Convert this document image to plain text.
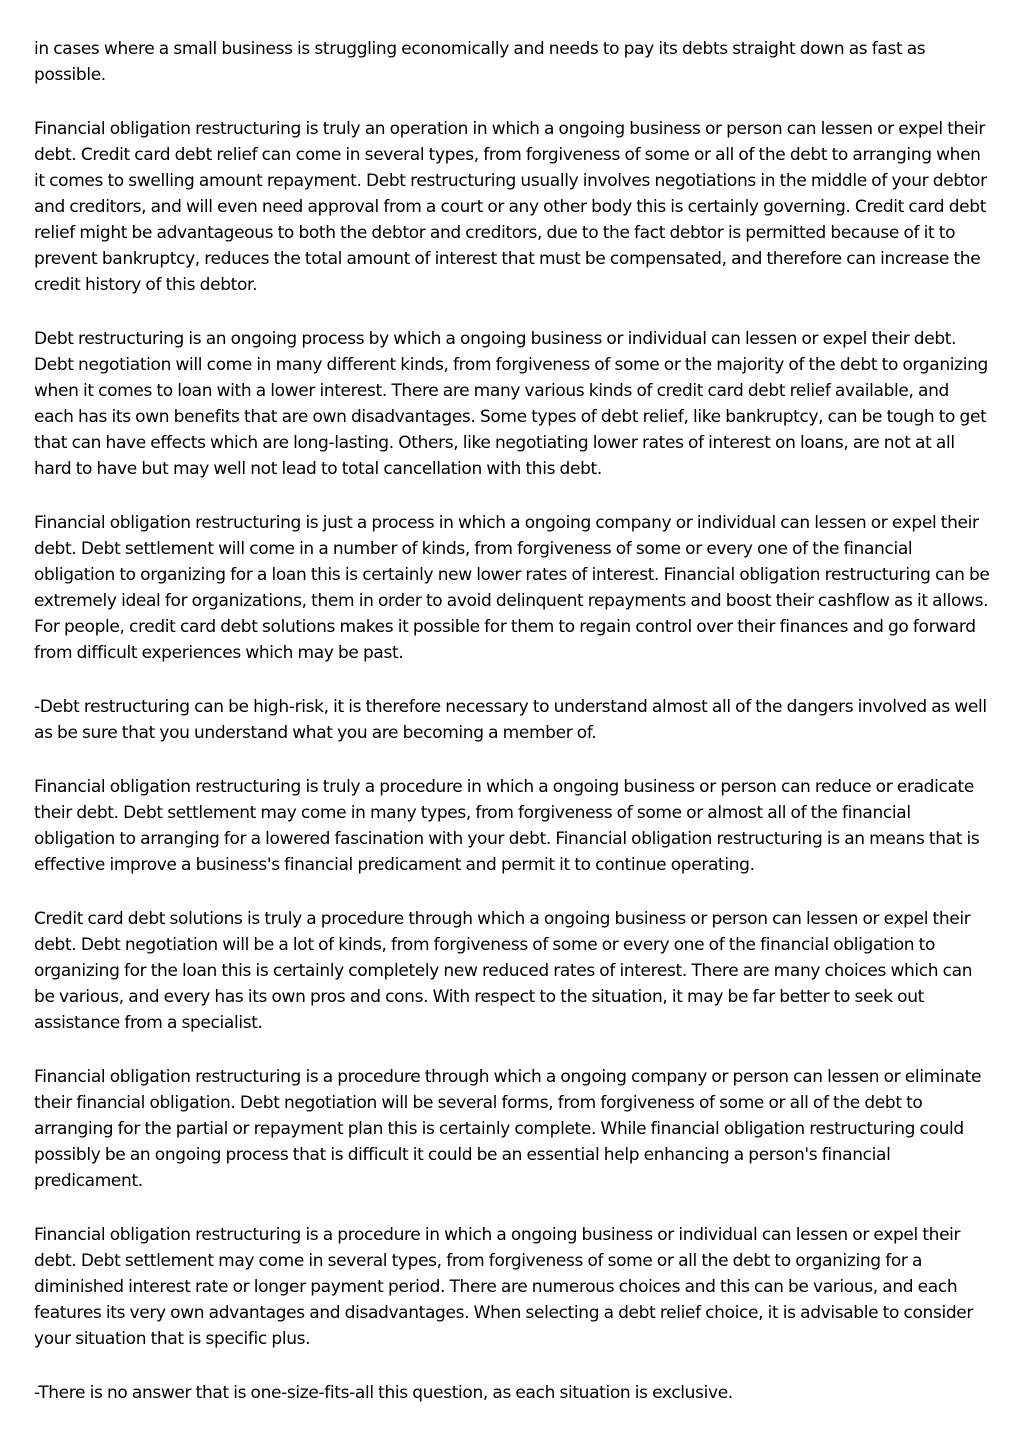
in cases where a small business is struggling economically and needs to pay its debts straight down as fast as possible.

Financial obligation restructuring is truly an operation in which a ongoing business or person can lessen or expel their debt. Credit card debt relief can come in several types, from forgiveness of some or all of the debt to arranging when it comes to swelling amount repayment. Debt restructuring usually involves negotiations in the middle of your debtor and creditors, and will even need approval from a court or any other body this is certainly governing. Credit card debt relief might be advantageous to both the debtor and creditors, due to the fact debtor is permitted because of it to prevent bankruptcy, reduces the total amount of interest that must be compensated, and therefore can increase the credit history of this debtor.

Debt restructuring is an ongoing process by which a ongoing business or individual can lessen or expel their debt. Debt negotiation will come in many different kinds, from forgiveness of some or the majority of the debt to organizing when it comes to loan with a lower interest. There are many various kinds of credit card debt relief available, and each has its own benefits that are own disadvantages. Some types of debt relief, like bankruptcy, can be tough to get that can have effects which are long-lasting. Others, like negotiating lower rates of interest on loans, are not at all hard to have but may well not lead to total cancellation with this debt.

Financial obligation restructuring is just a process in which a ongoing company or individual can lessen or expel their debt. Debt settlement will come in a number of kinds, from forgiveness of some or every one of the financial obligation to organizing for a loan this is certainly new lower rates of interest. Financial obligation restructuring can be extremely ideal for organizations, them in order to avoid delinquent repayments and boost their cashflow as it allows. For people, credit card debt solutions makes it possible for them to regain control over their finances and go forward from difficult experiences which may be past.

-Debt restructuring can be high-risk, it is therefore necessary to understand almost all of the dangers involved as well as be sure that you understand what you are becoming a member of.

Financial obligation restructuring is truly a procedure in which a ongoing business or person can reduce or eradicate their debt. Debt settlement may come in many types, from forgiveness of some or almost all of the financial obligation to arranging for a lowered fascination with your debt. Financial obligation restructuring is an means that is effective improve a business's financial predicament and permit it to continue operating.

Credit card debt solutions is truly a procedure through which a ongoing business or person can lessen or expel their debt. Debt negotiation will be a lot of kinds, from forgiveness of some or every one of the financial obligation to organizing for the loan this is certainly completely new reduced rates of interest. There are many choices which can be various, and every has its own pros and cons. With respect to the situation, it may be far better to seek out assistance from a specialist.

Financial obligation restructuring is a procedure through which a ongoing company or person can lessen or eliminate their financial obligation. Debt negotiation will be several forms, from forgiveness of some or all of the debt to arranging for the partial or repayment plan this is certainly complete. While financial obligation restructuring could possibly be an ongoing process that is difficult it could be an essential help enhancing a person's financial predicament.

Financial obligation restructuring is a procedure in which a ongoing business or individual can lessen or expel their debt. Debt settlement may come in several types, from forgiveness of some or all the debt to organizing for a diminished interest rate or longer payment period. There are numerous choices and this can be various, and each features its very own advantages and disadvantages. When selecting a debt relief choice, it is advisable to consider your situation that is specific plus.

-There is no answer that is one-size-fits-all this question, as each situation is exclusive.
